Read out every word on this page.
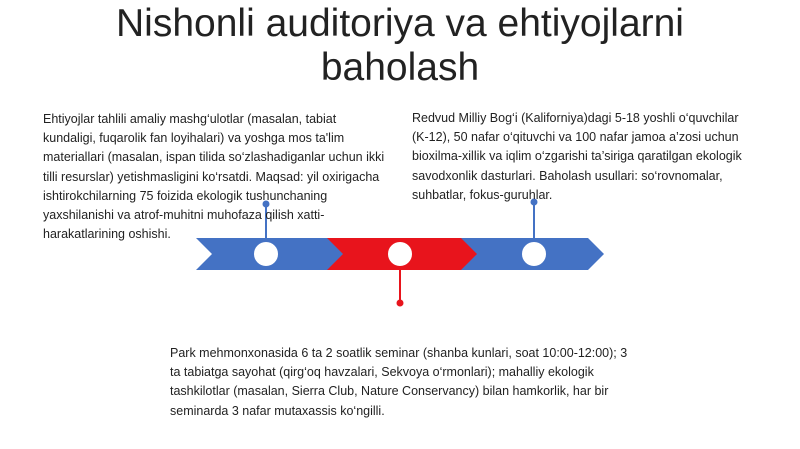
Nishonli auditoriya va ehtiyojlarni baholash
Ehtiyojlar tahlili amaliy mashg‘ulotlar (masalan, tabiat kundaligi, fuqarolik fan loyihalari) va yoshga mos ta'lim materiallari (masalan, ispan tilida so‘zlashadiganlar uchun ikki tilli resurslar) yetishmasligini ko‘rsatdi. Maqsad: yil oxirigacha ishtirokchilarning 75 foizida ekologik tushunchaning yaxshilanishi va atrof-muhitni muhofaza qilish xatti-harakatlarining oshishi.
Redvud Milliy Bog‘i (Kaliforniya)dagi 5-18 yoshli o‘quvchilar (K-12), 50 nafar o‘qituvchi va 100 nafar jamoa a’zosi uchun bioxilma-xillik va iqlim o‘zgarishi ta’siriga qaratilgan ekologik savodxonlik dasturlari. Baholash usullari: so‘rovnomalar, suhbatlar, fokus-guruhlar.
Park mehmonxonasida 6 ta 2 soatlik seminar (shanba kunlari, soat 10:00-12:00); 3 ta tabiatga sayohat (qirg‘oq havzalari, Sekvoya o‘rmonlari); mahalliy ekologik tashkilotlar (masalan, Sierra Club, Nature Conservancy) bilan hamkorlik, har bir seminarda 3 nafar mutaxassis ko‘ngilli.
